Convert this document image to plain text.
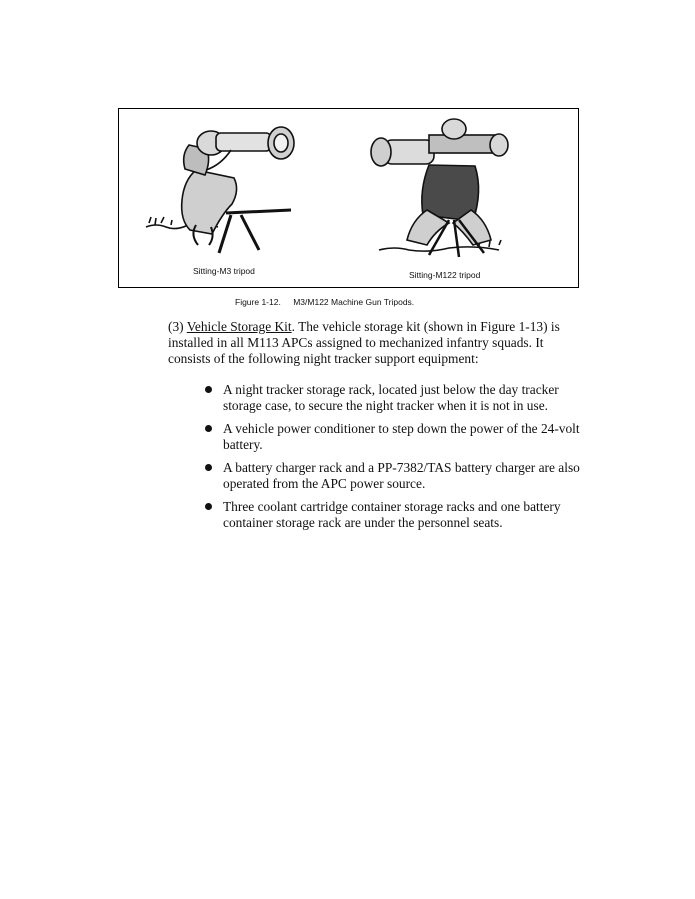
Sitting-M3 tripod	Sitting-M122 tripod
Figure 1-12. M3/M122 Machine Gun Tripods.

(3) Vehicle Storage Kit. The vehicle storage kit (shown in Figure 1-13) is
installed in all M113 APCs assigned to mechanized infantry squads. It
consists of the following night tracker support equipment:

A night tracker storage rack, located just below the day tracker
storage case, to secure the night tracker when it is not in use.
A vehicle power conditioner to step down the power of the 24-volt
battery.
A battery charger rack and a PP-7382/TAS battery charger are also
operated from the APC power source.
Three coolant cartridge container storage racks and one battery
container storage rack are under the personnel seats.
